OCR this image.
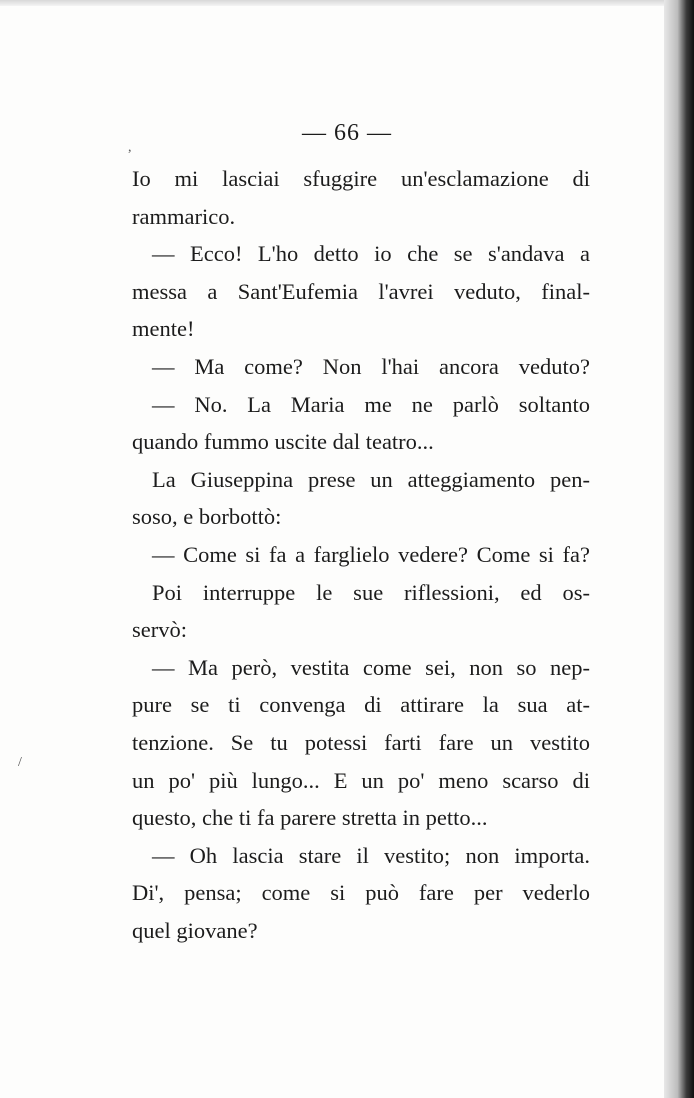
— 66 —
Io mi lasciai sfuggire un'esclamazione di
rammarico.
— Ecco! L'ho detto io che se s'andava a
messa a Sant'Eufemia l'avrei veduto, final-
mente!
— Ma come? Non l'hai ancora veduto?
— No. La Maria me ne parlò soltanto
quando fummo uscite dal teatro...
La Giuseppina prese un atteggiamento pen-
soso, e borbottò:
— Come si fa a farglielo vedere? Come si fa?
Poi interruppe le sue riflessioni, ed os-
servò:
— Ma però, vestita come sei, non so nep-
pure se ti convenga di attirare la sua at-
tenzione. Se tu potessi farti fare un vestito
un po' più lungo... E un po' meno scarso di
questo, che ti fa parere stretta in petto...
— Oh lascia stare il vestito; non importa.
Di', pensa; come si può fare per vederlo
quel giovane?
,
/
